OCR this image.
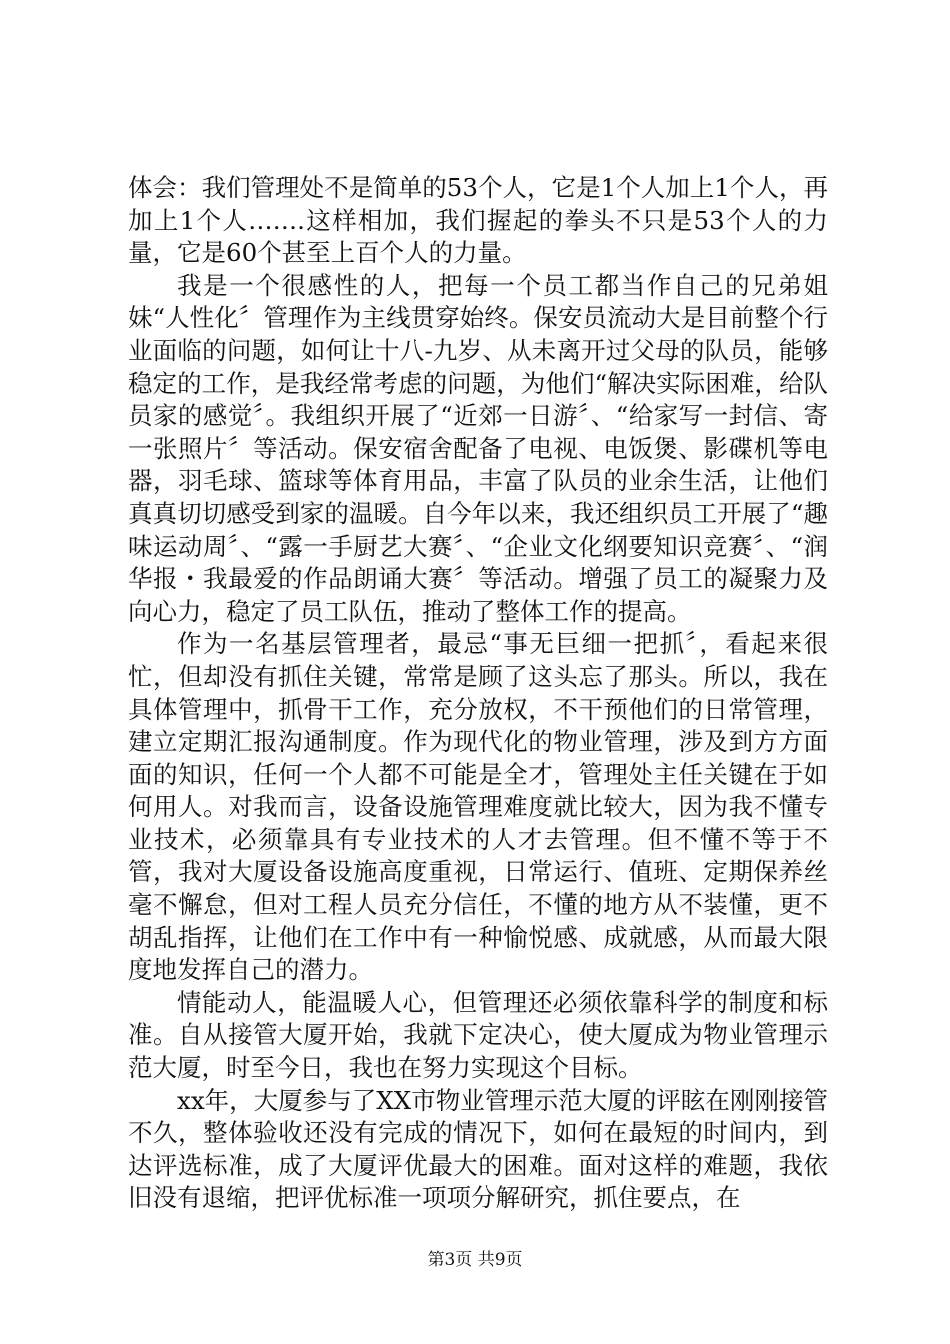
体会：我们管理处不是简单的53个人，它是1个人加上1个人，再加上1个人…….这样相加，我们握起的拳头不只是53个人的力量，它是60个甚至上百个人的力量。

我是一个很感性的人，把每一个员工都当作自己的兄弟姐妹“人性化〞管理作为主线贯穿始终。保安员流动大是目前整个行业面临的问题，如何让十八-九岁、从未离开过父母的队员，能够稳定的工作，是我经常考虑的问题，为他们“解决实际困难，给队员家的感觉〞。我组织开展了“近郊一日游〞、“给家写一封信、寄一张照片〞等活动。保安宿舍配备了电视、电饭煲、影碟机等电器，羽毛球、篮球等体育用品，丰富了队员的业余生活，让他们真真切切感受到家的温暖。自今年以来，我还组织员工开展了“趣味运动周〞、“露一手厨艺大赛〞、“企业文化纲要知识竞赛〞、“润华报・我最爱的作品朗诵大赛〞等活动。增强了员工的凝聚力及向心力，稳定了员工队伍，推动了整体工作的提高。

作为一名基层管理者，最忌“事无巨细一把抓〞，看起来很忙，但却没有抓住关键，常常是顾了这头忘了那头。所以，我在具体管理中，抓骨干工作，充分放权，不干预他们的日常管理，建立定期汇报沟通制度。作为现代化的物业管理，涉及到方方面面的知识，任何一个人都不可能是全才，管理处主任关键在于如何用人。对我而言，设备设施管理难度就比较大，因为我不懂专业技术，必须靠具有专业技术的人才去管理。但不懂不等于不管，我对大厦设备设施高度重视，日常运行、值班、定期保养丝毫不懈怠，但对工程人员充分信任，不懂的地方从不装懂，更不胡乱指挥，让他们在工作中有一种愉悦感、成就感，从而最大限度地发挥自己的潜力。

情能动人，能温暖人心，但管理还必须依靠科学的制度和标准。自从接管大厦开始，我就下定决心，使大厦成为物业管理示范大厦，时至今日，我也在努力实现这个目标。

xx年，大厦参与了XX市物业管理示范大厦的评眩在刚刚接管不久，整体验收还没有完成的情况下，如何在最短的时间内，到达评选标准，成了大厦评优最大的困难。面对这样的难题，我依旧没有退缩，把评优标准一项项分解研究，抓住要点，在

第3页 共9页
